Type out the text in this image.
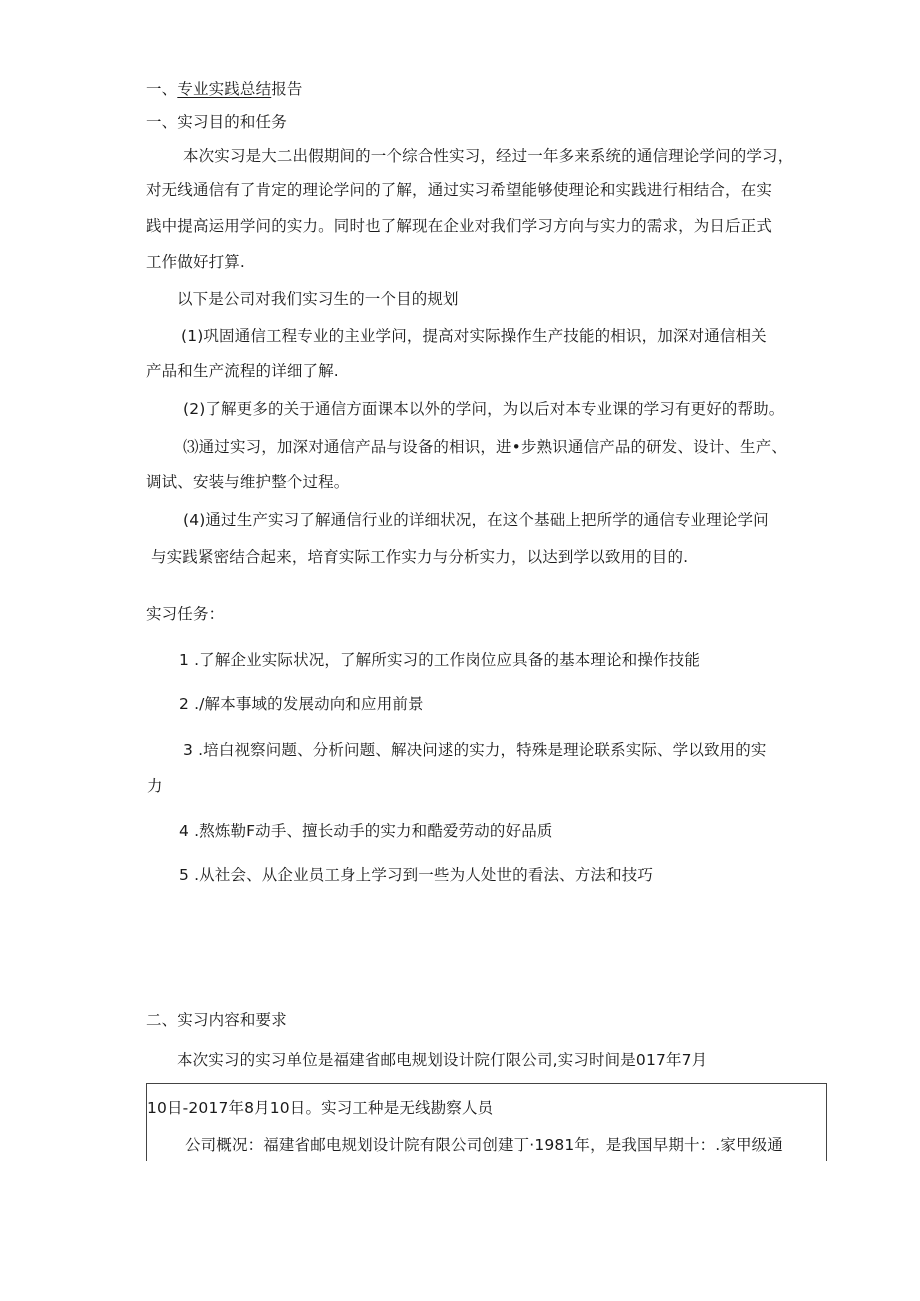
一、专业实践总结报告
一、实习目的和任务
本次实习是大二出假期间的一个综合性实习，经过一年多来系统的通信理论学问的学习，
对无线通信有了肯定的理论学问的了解，通过实习希望能够使理论和实践进行相结合，在实
践中提高运用学问的实力。同时也了解现在企业对我们学习方向与实力的需求，为日后正式
工作做好打算.
以下是公司对我们实习生的一个目的规划
(1)巩固通信工程专业的主业学问，提高对实际操作生产技能的相识，加深对通信相关
产品和生产流程的详细了解.
(2)了解更多的关于通信方面课本以外的学问，为以后对本专业课的学习有更好的帮助。
⑶通过实习，加深对通信产品与设备的相识，进•步熟识通信产品的研发、设计、生产、
调试、安装与维护整个过程。
(4)通过生产实习了解通信行业的详细状况，在这个基础上把所学的通信专业理论学问
与实践紧密结合起来，培育实际工作实力与分析实力，以达到学以致用的目的.
实习任务：
1 .了解企业实际状况，了解所实习的工作岗位应具备的基本理论和操作技能
2 ./解本事域的发展动向和应用前景
3 .培白视察问题、分析问题、解决问逑的实力，特殊是理论联系实际、学以致用的实
力
4 .熬炼勒F动手、擅长动手的实力和酷爱劳动的好品质
5 .从社会、从企业员工身上学习到一些为人处世的看法、方法和技巧
二、实习内容和要求
本次实习的实习单位是福建省邮电规划设计院仃限公司,实习时间是017年7月
10日-2017年8月10日。实习工种是无线勘察人员
公司概况：福建省邮电规划设计院有限公司创建丁·1981年，是我国早期十：.家甲级通
